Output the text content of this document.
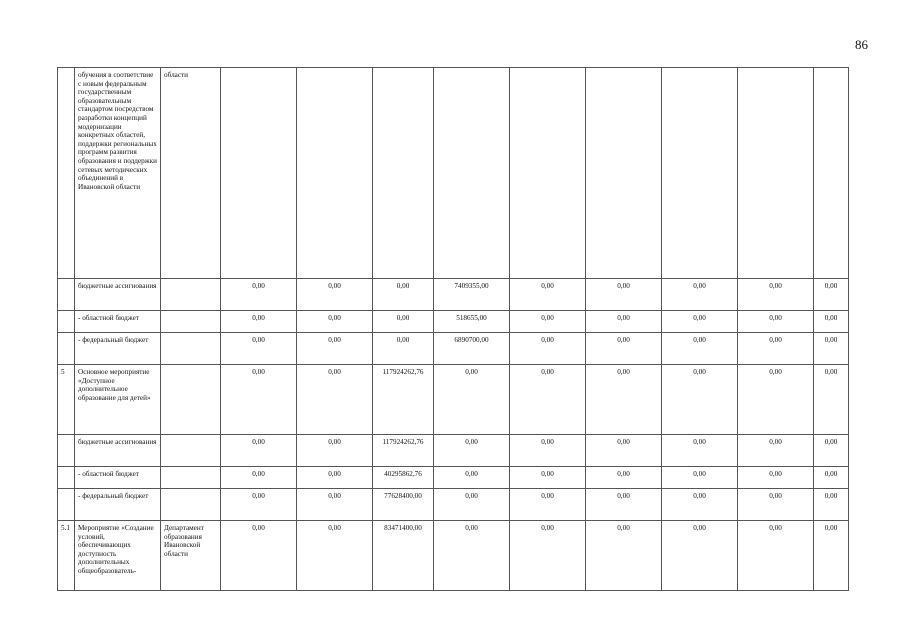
86
	обучения в соответствие с новым федеральным государственным образовательным стандартом посредством разработки концепций модернизации конкретных областей, поддержки региональных программ развития образования и поддержки сетевых методических объединений в Ивановской области	области										
	бюджетные ассигнования		0,00	0,00	0,00	7409355,00	0,00	0,00	0,00	0,00	0,00	
	- областной бюджет		0,00	0,00	0,00	518655,00	0,00	0,00	0,00	0,00	0,00	
	- федеральный бюджет		0,00	0,00	0,00	6890700,00	0,00	0,00	0,00	0,00	0,00	
5	Основное мероприятие «Доступное дополнительное образование для детей»		0,00	0,00	117924262,76	0,00	0,00	0,00	0,00	0,00	0,00	
	бюджетные ассигнования		0,00	0,00	117924262,76	0,00	0,00	0,00	0,00	0,00	0,00	
	- областной бюджет		0,00	0,00	40295862,76	0,00	0,00	0,00	0,00	0,00	0,00	
	- федеральный бюджет		0,00	0,00	77628400,00	0,00	0,00	0,00	0,00	0,00	0,00	
5.1	Мероприятие «Создание условий, обеспечивающих доступность дополнительных общеобразователь-	Департамент образования Ивановской области	0,00	0,00	83471400,00	0,00	0,00	0,00	0,00	0,00	0,00	
